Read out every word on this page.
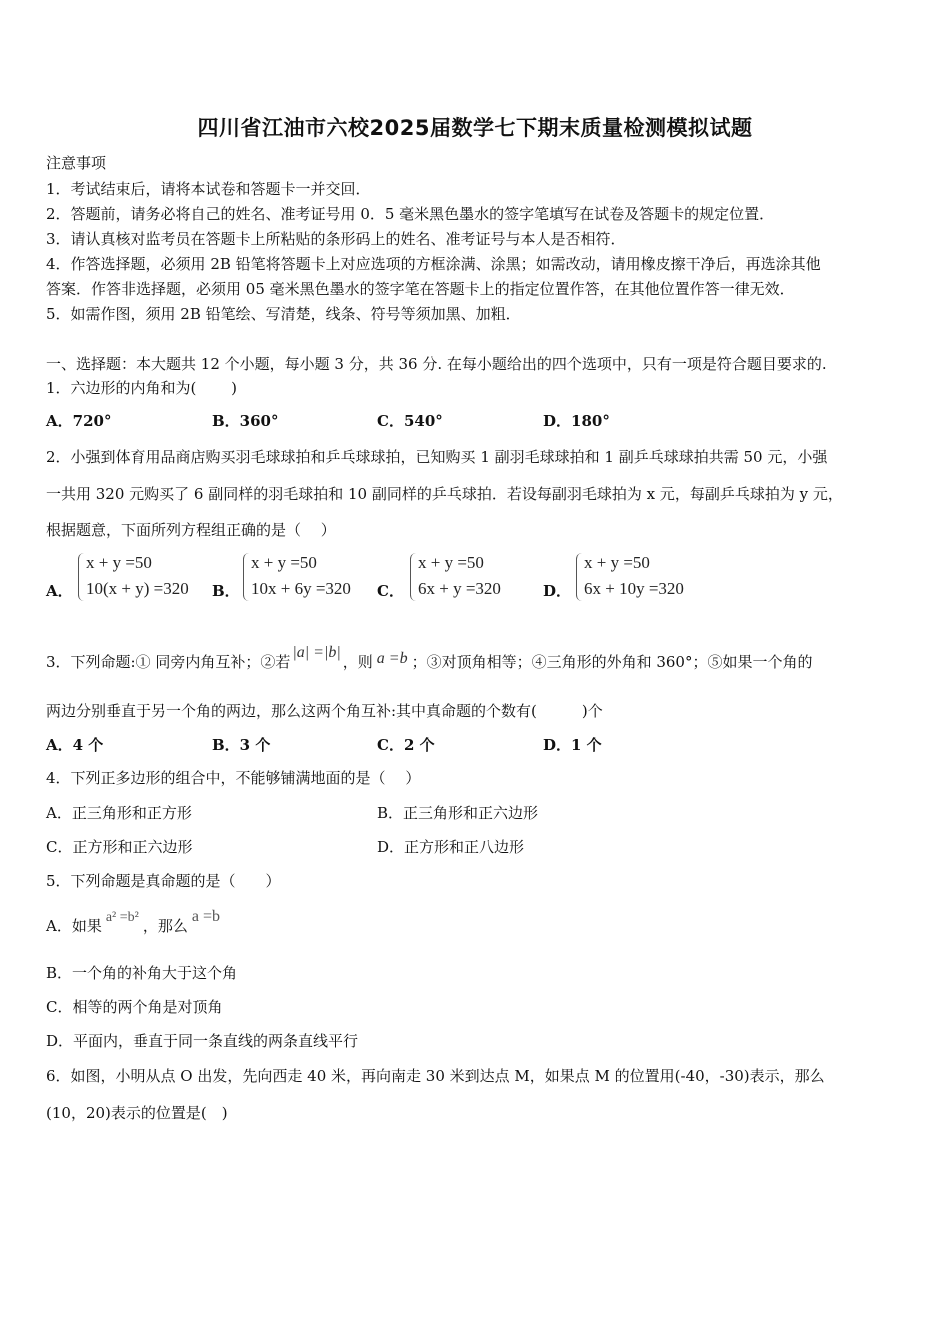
四川省江油市六校2025届数学七下期末质量检测模拟试题
注意事项
1．考试结束后，请将本试卷和答题卡一并交回．
2．答题前，请务必将自己的姓名、准考证号用 0．5 毫米黑色墨水的签字笔填写在试卷及答题卡的规定位置．
3．请认真核对监考员在答题卡上所粘贴的条形码上的姓名、准考证号与本人是否相符．
4．作答选择题，必须用 2B 铅笔将答题卡上对应选项的方框涂满、涂黑；如需改动，请用橡皮擦干净后，再选涂其他
答案．作答非选择题，必须用 05 毫米黑色墨水的签字笔在答题卡上的指定位置作答，在其他位置作答一律无效．
5．如需作图，须用 2B 铅笔绘、写清楚，线条、符号等须加黑、加粗．
一、选择题：本大题共 12 个小题，每小题 3 分，共 36 分. 在每小题给出的四个选项中，只有一项是符合题目要求的.
1．六边形的内角和为(　　 )
A．720°	B．360°	C．540°	D．180°
2．小强到体育用品商店购买羽毛球球拍和乒乓球球拍，已知购买 1 副羽毛球球拍和 1 副乒乓球球拍共需 50 元，小强
一共用 320 元购买了 6 副同样的羽毛球拍和 10 副同样的乒乓球拍．若设每副羽毛球拍为 x 元，每副乒乓球拍为 y 元，
根据题意，下面所列方程组正确的是（　 ）
A．
x + y =50
10(x + y) =320 B．
x + y =50
10x + 6y =320 C．
x + y =50
6x + y =320	D．
x + y =50
6x + 10y =320
3．下列命题:① 同旁内角互补；②若|a| =|b|，则 a =b ；③对顶角相等；④三角形的外角和 360°；⑤如果一个角的
两边分别垂直于另一个角的两边，那么这两个角互补:其中真命题的个数有(　　　)个
A．4 个	B．3 个	C．2 个	D．1 个
4．下列正多边形的组合中，不能够铺满地面的是（　 ）
A．正三角形和正方形	B．正三角形和正六边形
C．正方形和正六边形	D．正方形和正八边形
5．下列命题是真命题的是（　　）
A．如果 a² =b² ，那么a =b
B．一个角的补角大于这个角
C．相等的两个角是对顶角
D．平面内，垂直于同一条直线的两条直线平行
6．如图，小明从点 O 出发，先向西走 40 米，再向南走 30 米到达点 M，如果点 M 的位置用(-40，-30)表示，那么
(10，20)表示的位置是(　)
